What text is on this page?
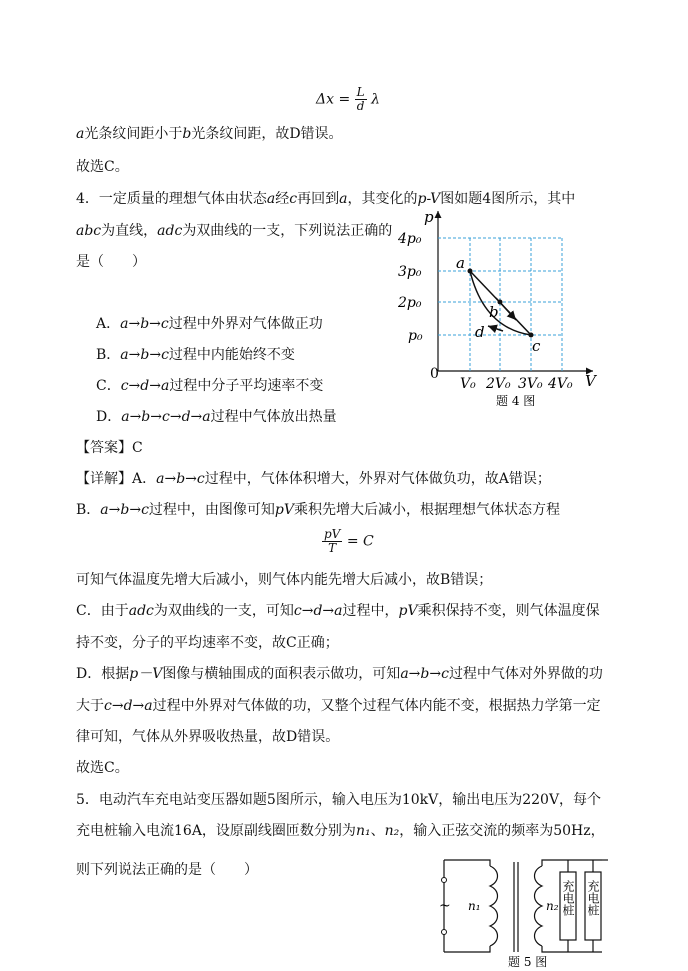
$\Delta x = \frac{L}{d}$ λ
a光条纹间距小于b光条纹间距，故D错误。
故选C。
4．一定质量的理想气体由状态a经c再回到a，其变化的p-V图如题4图所示，其中
abc为直线，adc为双曲线的一支，下列说法正确的
是（　　）
A．a→b→c过程中外界对气体做正功
B．a→b→c过程中内能始终不变
C．c→d→a过程中分子平均速率不变
D．a→b→c→d→a过程中气体放出热量
p
V
0
4p₀
3p₀
2p₀
p₀
V₀ 2V₀ 3V₀ 4V₀
a
b
c
d
题 4 图
【答案】C
【详解】A．a→b→c过程中，气体体积增大，外界对气体做负功，故A错误；
B．a→b→c过程中，由图像可知pV乘积先增大后减小，根据理想气体状态方程
$\frac{pV}{T} = C$
可知气体温度先增大后减小，则气体内能先增大后减小，故B错误；
C．由于adc为双曲线的一支，可知c→d→a过程中，pV乘积保持不变，则气体温度保
持不变，分子的平均速率不变，故C正确；
D．根据p－V图像与横轴围成的面积表示做功，可知a→b→c过程中气体对外界做的功
大于c→d→a过程中外界对气体做的功，又整个过程气体内能不变，根据热力学第一定
律可知，气体从外界吸收热量，故D错误。
故选C。
5．电动汽车充电站变压器如题5图所示，输入电压为10kV，输出电压为220V，每个
充电桩输入电流16A，设原副线圈匝数分别为n₁、n₂，输入正弦交流的频率为50Hz，
则下列说法正确的是（　　）
~ n₁	n₂ 充电桩 充电桩
题 5 图
